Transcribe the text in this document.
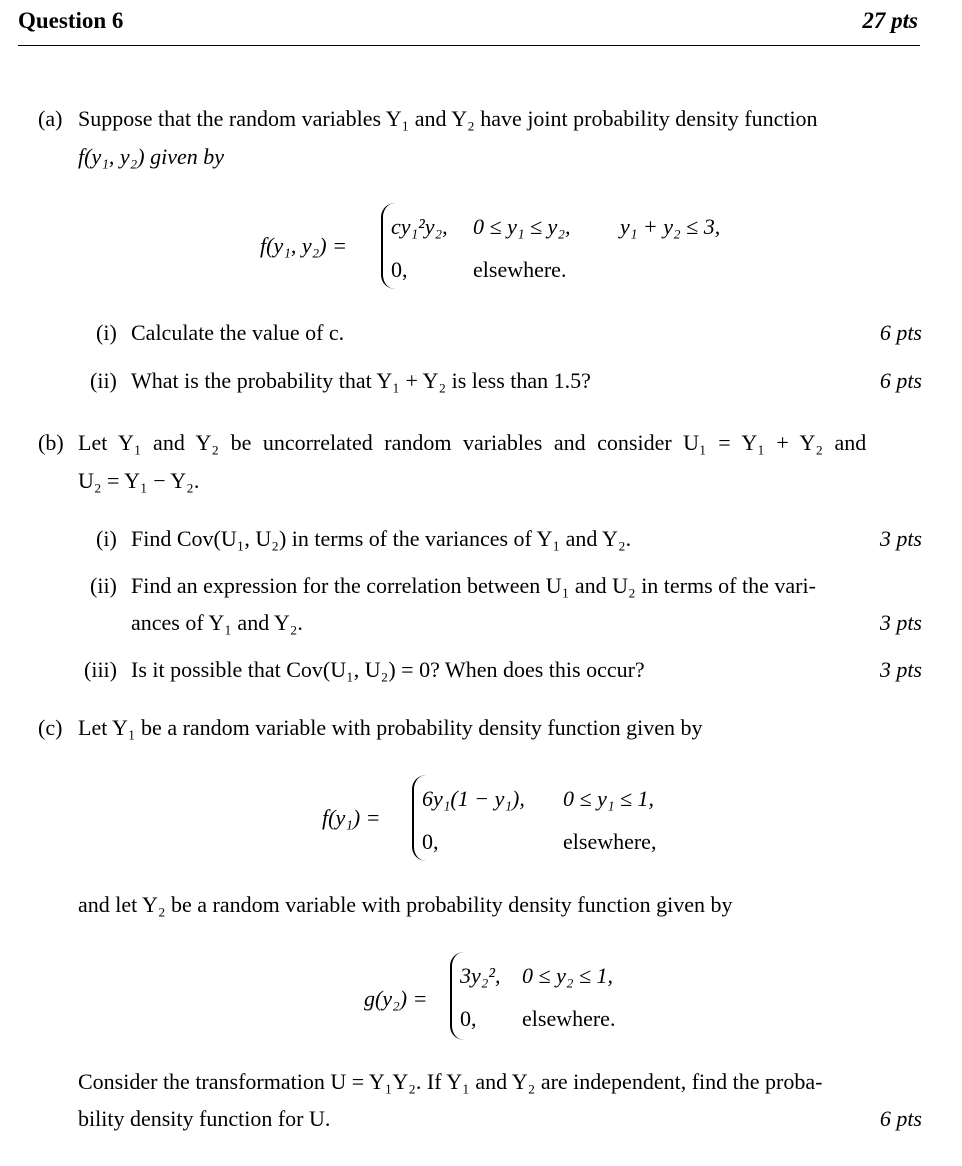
Question 6	27 pts
(a) Suppose that the random variables Y₁ and Y₂ have joint probability density function
f(y₁, y₂) given by
f(y₁, y₂) =
cy₁²y₂, 0 ≤ y₁ ≤ y₂, y₁ + y₂ ≤ 3,
0,	elsewhere.
(i) Calculate the value of c.	6 pts
(ii) What is the probability that Y₁ + Y₂ is less than 1.5?	6 pts
(b) Let Y₁ and Y₂ be uncorrelated random variables and consider U₁ = Y₁ + Y₂ and
U₂ = Y₁ − Y₂.
(i) Find Cov(U₁, U₂) in terms of the variances of Y₁ and Y₂.	3 pts
(ii) Find an expression for the correlation between U₁ and U₂ in terms of the vari-
ances of Y₁ and Y₂.	3 pts
(iii) Is it possible that Cov(U₁, U₂) = 0? When does this occur?	3 pts
(c) Let Y₁ be a random variable with probability density function given by
f(y₁) =
6y₁(1 − y₁), 0 ≤ y₁ ≤ 1,
0,	elsewhere,
and let Y₂ be a random variable with probability density function given by
g(y₂) =
3y₂², 0 ≤ y₂ ≤ 1,
0, elsewhere.
Consider the transformation U = Y₁Y₂. If Y₁ and Y₂ are independent, find the proba-
bility density function for U.	6 pts
